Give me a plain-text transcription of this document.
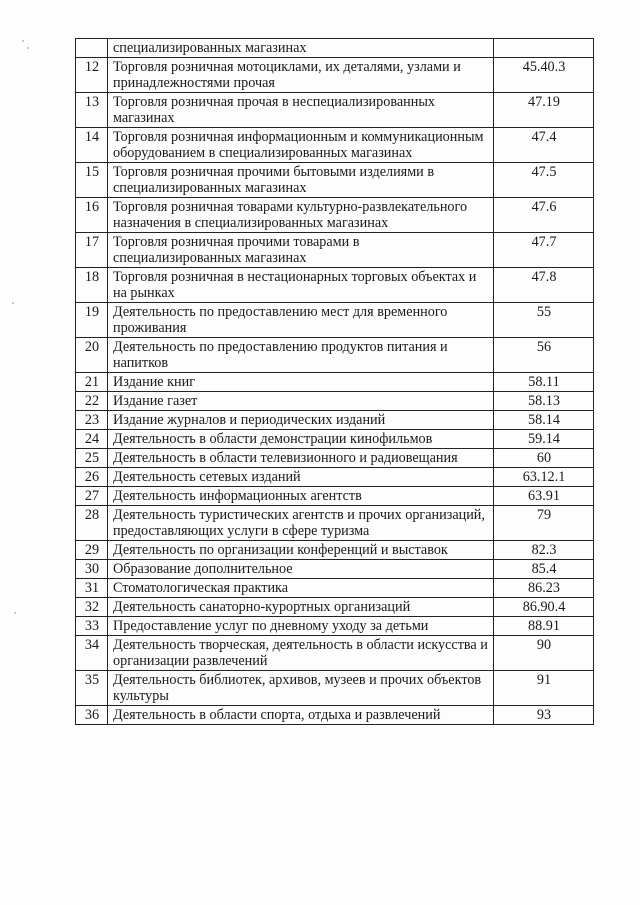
	специализированных магазинах	
12	Торговля розничная мотоциклами, их деталями, узлами и принадлежностями прочая	45.40.3
13	Торговля розничная прочая в неспециализированных магазинах	47.19
14	Торговля розничная информационным и коммуникационным оборудованием в специализированных магазинах	47.4
15	Торговля розничная прочими бытовыми изделиями в специализированных магазинах	47.5
16	Торговля розничная товарами культурно-развлекательного назначения в специализированных магазинах	47.6
17	Торговля розничная прочими товарами в специализированных магазинах	47.7
18	Торговля розничная в нестационарных торговых объектах и на рынках	47.8
19	Деятельность по предоставлению мест для временного проживания	55
20	Деятельность по предоставлению продуктов питания и напитков	56
21	Издание книг	58.11
22	Издание газет	58.13
23	Издание журналов и периодических изданий	58.14
24	Деятельность в области демонстрации кинофильмов	59.14
25	Деятельность в области телевизионного и радиовещания	60
26	Деятельность сетевых изданий	63.12.1
27	Деятельность информационных агентств	63.91
28	Деятельность туристических агентств и прочих организаций, предоставляющих услуги в сфере туризма	79
29	Деятельность по организации конференций и выставок	82.3
30	Образование дополнительное	85.4
31	Стоматологическая практика	86.23
32	Деятельность санаторно-курортных организаций	86.90.4
33	Предоставление услуг по дневному уходу за детьми	88.91
34	Деятельность творческая, деятельность в области искусства и организации развлечений	90
35	Деятельность библиотек, архивов, музеев и прочих объектов культуры	91
36	Деятельность в области спорта, отдыха и развлечений	93
